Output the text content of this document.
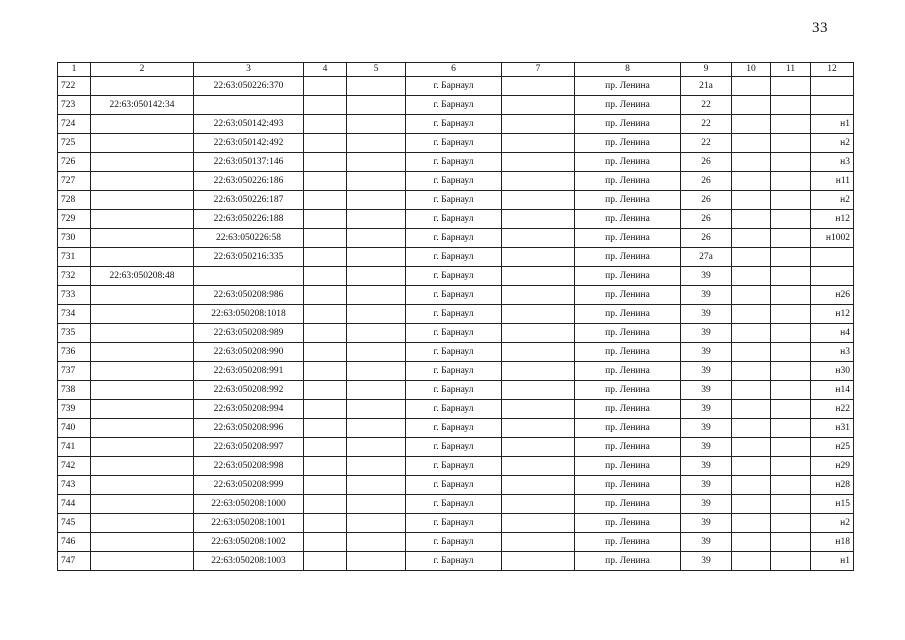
33
1	2	3	4	5	6	7	8	9	10	11	12
722		22:63:050226:370			г. Барнаул		пр. Ленина	21а			
723	22:63:050142:34				г. Барнаул		пр. Ленина	22			
724		22:63:050142:493			г. Барнаул		пр. Ленина	22			н1
725		22:63:050142:492			г. Барнаул		пр. Ленина	22			н2
726		22:63:050137:146			г. Барнаул		пр. Ленина	26			н3
727		22:63:050226:186			г. Барнаул		пр. Ленина	26			н11
728		22:63:050226:187			г. Барнаул		пр. Ленина	26			н2
729		22:63:050226:188			г. Барнаул		пр. Ленина	26			н12
730		22:63:050226:58			г. Барнаул		пр. Ленина	26			н1002
731		22:63:050216:335			г. Барнаул		пр. Ленина	27а			
732	22:63:050208:48				г. Барнаул		пр. Ленина	39			
733		22:63:050208:986			г. Барнаул		пр. Ленина	39			н26
734		22:63:050208:1018			г. Барнаул		пр. Ленина	39			н12
735		22:63:050208:989			г. Барнаул		пр. Ленина	39			н4
736		22:63:050208:990			г. Барнаул		пр. Ленина	39			н3
737		22:63:050208:991			г. Барнаул		пр. Ленина	39			н30
738		22:63:050208:992			г. Барнаул		пр. Ленина	39			н14
739		22:63:050208:994			г. Барнаул		пр. Ленина	39			н22
740		22:63:050208:996			г. Барнаул		пр. Ленина	39			н31
741		22:63:050208:997			г. Барнаул		пр. Ленина	39			н25
742		22:63:050208:998			г. Барнаул		пр. Ленина	39			н29
743		22:63:050208:999			г. Барнаул		пр. Ленина	39			н28
744		22:63:050208:1000			г. Барнаул		пр. Ленина	39			н15
745		22:63:050208:1001			г. Барнаул		пр. Ленина	39			н2
746		22:63:050208:1002			г. Барнаул		пр. Ленина	39			н18
747		22:63:050208:1003			г. Барнаул		пр. Ленина	39			н1
